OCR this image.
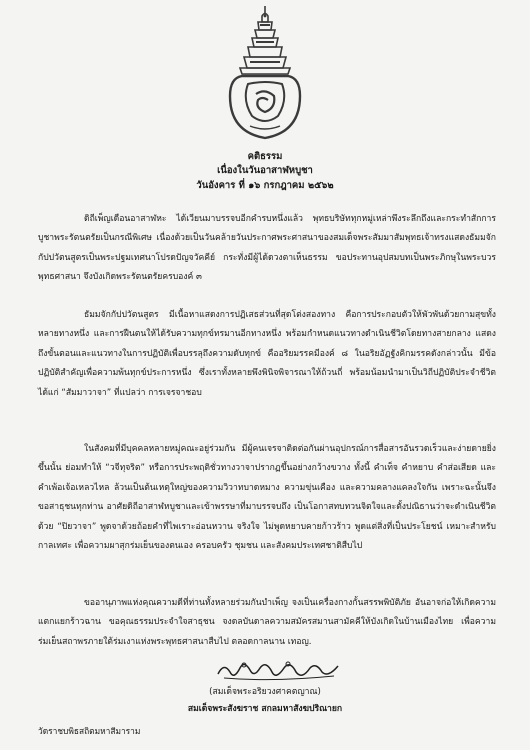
คติธรรม
เนื่องในวันอาสาฬหบูชา
วันอังคาร ที่ ๑๖ กรกฎาคม ๒๕๖๒

ดิถีเพ็ญเดือนอาสาฬหะ ได้เวียนมาบรรจบอีกคำรบหนึ่งแล้ว พุทธบริษัททุกหมู่เหล่าพึงระลึกถึงและกระทำสักการบูชาพระรัตนตรัยเป็นกรณีพิเศษ เนื่องด้วยเป็นวันคล้ายวันประกาศพระศาสนาของสมเด็จพระสัมมาสัมพุทธเจ้าทรงแสดงธัมมจักกัปปวัตนสูตรเป็นพระปฐมเทศนาโปรดปัญจวัคคีย์ กระทั่งมีผู้ได้ดวงตาเห็นธรรม ขอประทานอุปสมบทเป็นพระภิกษุในพระบวรพุทธศาสนา จึงบังเกิดพระรัตนตรัยครบองค์ ๓

ธัมมจักกัปปวัตนสูตร มีเนื้อหาแสดงการปฏิเสธส่วนที่สุดโต่งสองทาง คือการประกอบตัวให้พัวพันด้วยกามสุขทั้งหลายทางหนึ่ง และการฝืนตนให้ได้รับความทุกข์ทรมานอีกทางหนึ่ง พร้อมกำหนดแนวทางดำเนินชีวิตโดยทางสายกลาง แสดงถึงขั้นตอนและแนวทางในการปฏิบัติเพื่อบรรลุถึงความดับทุกข์ คืออริยมรรคมีองค์ ๘ ในอริยอัฏฐังคิกมรรคดังกล่าวนั้น มีข้อปฏิบัติสำคัญเพื่อความพ้นทุกข์ประการหนึ่ง ซึ่งเราทั้งหลายพึงพินิจพิจารณาให้ถ้วนถี่ พร้อมน้อมนำมาเป็นวิถีปฏิบัติประจำชีวิต ได้แก่ “สัมมาวาจา” ที่แปลว่า การเจรจาชอบ

ในสังคมที่มีบุคคลหลายหมู่คณะอยู่ร่วมกัน มีผู้คนเจรจาติดต่อกันผ่านอุปกรณ์การสื่อสารอันรวดเร็วและง่ายดายยิ่งขึ้นนั้น ย่อมทำให้ “วจีทุจริต” หรือการประพฤติชั่วทางวาจาปรากฏขึ้นอย่างกว้างขวาง ทั้งนี้ คำเท็จ คำหยาบ คำส่อเสียด และคำเพ้อเจ้อเหลวไหล ล้วนเป็นต้นเหตุใหญ่ของความวิวาทบาดหมาง ความขุ่นเคือง และความคลางแคลงใจกัน เพราะฉะนั้นจึงขอสาธุชนทุกท่าน อาศัยดิถีอาสาฬหบูชาและเข้าพรรษาที่มาบรรจบถึง เป็นโอกาสทบทวนจิตใจและตั้งปณิธานว่าจะดำเนินชีวิตด้วย “ปิยวาจา” พูดจาด้วยถ้อยคำที่ไพเราะอ่อนหวาน จริงใจ ไม่พูดหยาบคายก้าวร้าว พูดแต่สิ่งที่เป็นประโยชน์ เหมาะสำหรับกาลเทศะ เพื่อความผาสุกร่มเย็นของตนเอง ครอบครัว ชุมชน และสังคมประเทศชาติสืบไป

ขออานุภาพแห่งคุณความดีที่ท่านทั้งหลายร่วมกันบำเพ็ญ จงเป็นเครื่องกางกั้นสรรพพิบัติภัย อันอาจก่อให้เกิดความแตกแยกร้าวฉาน ขอคุณธรรมประจำใจสาธุชน จงดลบันดาลความสมัครสมานสามัคคีให้บังเกิดในบ้านเมืองไทย เพื่อความร่มเย็นสถาพรภายใต้ร่มเงาแห่งพระพุทธศาสนาสืบไป ตลอดกาลนาน เทอญ.

(สมเด็จพระอริยวงศาคตญาณ)
สมเด็จพระสังฆราช สกลมหาสังฆปริณายก
วัดราชบพิธสถิตมหาสีมาราม
